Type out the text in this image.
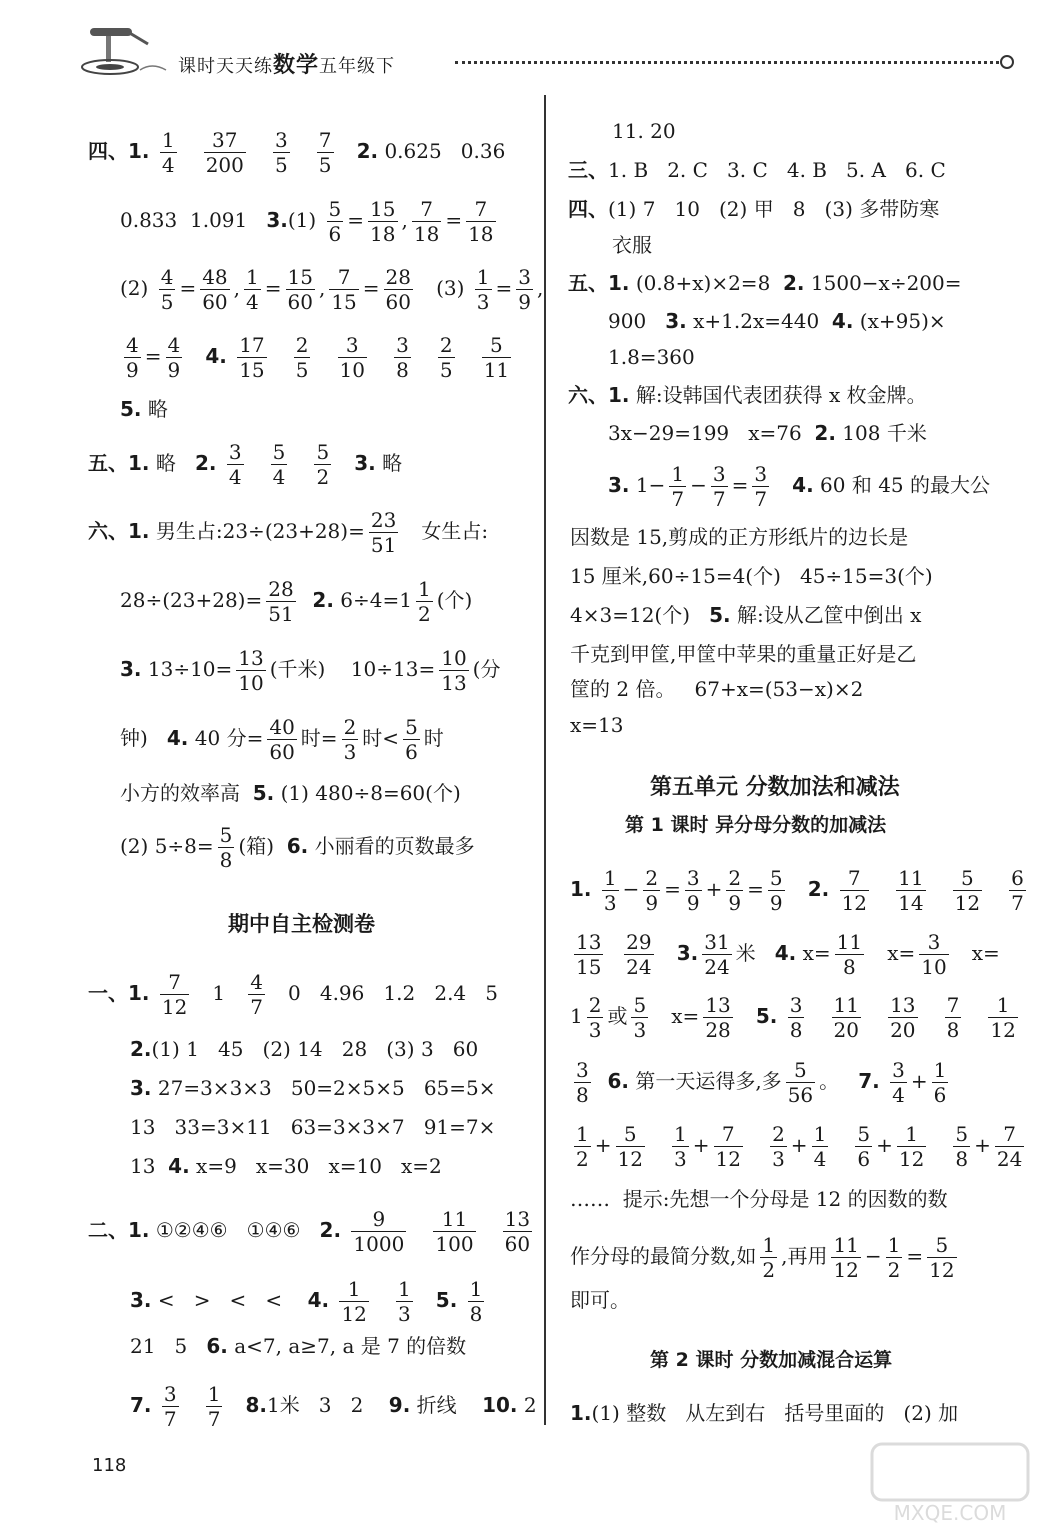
课时天天练数学五年级下
四、1. $\frac{1}{4}$
$\frac{37}{200}$
$\frac{3}{5}$
$\frac{7}{5} 2$. 0.625 0.36
0.833 1.091 $3.(1) \frac{5}{6} = \frac{15}{18}$ , $\frac{7}{18} = \frac{7}{18}$
$(2) \frac{4}{5} = \frac{48}{60}$ , $\frac{1}{4} = \frac{15}{60}$ , $\frac{7}{15} = \frac{28}{60} (3) \frac{1}{3} = \frac{3}{9}$ ,
$\frac{4}{9} = \frac{4}{9} 4$. $\frac{17}{15}$
$\frac{2}{5}$
$\frac{3}{10}$
$\frac{3}{8}$
$\frac{2}{5}$
$\frac{5}{11}$
5. 略
五、1. 略 2. $\frac{3}{4}$
$\frac{5}{4}$
$\frac{5}{2} 3$. 略
六、1. 男生占:23÷(23+28)= $\frac{23}{51}$ 女生占:
$28\div(23+28)= \frac{28}{51} 2$. $6\div 4=1 \frac{1}{2}$ (个)
3. $13\div 10= \frac{13}{10}$ (千米) $10\div 13= \frac{10}{13}$ (分
钟) 4. 40 分= $\frac{40}{60}$ 时= $\frac{2}{3}$ 时< $\frac{5}{6}$ 时
小方的效率高 5. (1) 480÷8=60(个)
(2) $5\div 8= \frac{5}{8}$ (箱) 6. 小丽看的页数最多
期中自主检测卷
一、1. $\frac{7}{12} 1 \frac{4}{7} 0$ 4.96 1.2 2.4 5
2.(1) 1   45   (2) 14   28   (3) 3   60
3. 27=3×3×3   50=2×5×5   65=5×
13   33=3×11   63=3×3×7   91=7×
13 4. x=9   x=30   x=10   x=2
二、1. ①②④⑥   ①④⑥ 2. $\frac{9}{1000}$
$\frac{11}{100}$
$\frac{13}{60}$
3. <   >   <   < 4. $\frac{1}{12}$
$\frac{1}{3} 5$. $\frac{1}{8}$
21   5 6. a<7, a≥7, a 是 7 的倍数
7. $\frac{3}{7}$
$\frac{1}{7} 8.1$米   3   2 9. 折线 10. 2
11. 20
三、1. B   2. C   3. C   4. B   5. A   6. C
四、(1) 7   10   (2) 甲   8   (3) 多带防寒
衣服
五、1. (0.8+x)×2=8 2. 1500−x÷200=
900 3. x+1.2x=440 4. (x+95)×
1.8=360
六、1. 解:设韩国代表团获得 x 枚金牌。
3x−29=199   x=76 2. 108 千米
3. $1- \frac{1}{7} - \frac{3}{7} = \frac{3}{7} 4$. 60 和 45 的最大公
因数是 15,剪成的正方形纸片的边长是
15 厘米,60÷15=4(个)   45÷15=3(个)
4×3=12(个) 5. 解:设从乙筐中倒出 x
千克到甲筐,甲筐中苹果的重量正好是乙
筐的 2 倍。   67+x=(53−x)×2
x=13
第五单元 分数加法和减法
第 1 课时 异分母分数的加减法
1. $\frac{1}{3} - \frac{2}{9} = \frac{3}{9} + \frac{2}{9} = \frac{5}{9} 2$. $\frac{7}{12}$
$\frac{11}{14}$
$\frac{5}{12}$
$\frac{6}{7}$
$\frac{13}{15}$
$\frac{29}{24} 3$. $\frac{31}{24}$ 米 4. $x= \frac{11}{8} x= \frac{3}{10} x=$
$1 \frac{2}{3}$ 或 $\frac{5}{3} x= \frac{13}{28} 5$. $\frac{3}{8}$
$\frac{11}{20}$
$\frac{13}{20}$
$\frac{7}{8}$
$\frac{1}{12}$
$\frac{3}{8} 6$. 第一天运得多,多 $\frac{5}{56}$ 。 7. $\frac{3}{4} + \frac{1}{6}$
$\frac{1}{2} + \frac{5}{12}$
$\frac{1}{3} + \frac{7}{12}$
$\frac{2}{3} + \frac{1}{4}$
$\frac{5}{6} + \frac{1}{12}$
$\frac{5}{8} + \frac{7}{24}$
…… 提示:先想一个分母是 12 的因数的数
作分母的最简分数,如 $\frac{1}{2}$ ,再用 $\frac{11}{12} - \frac{1}{2} = \frac{5}{12}$
即可。
第 2 课时 分数加减混合运算
1.(1) 整数   从左到右   括号里面的   (2) 加
118
MXQE.COM
